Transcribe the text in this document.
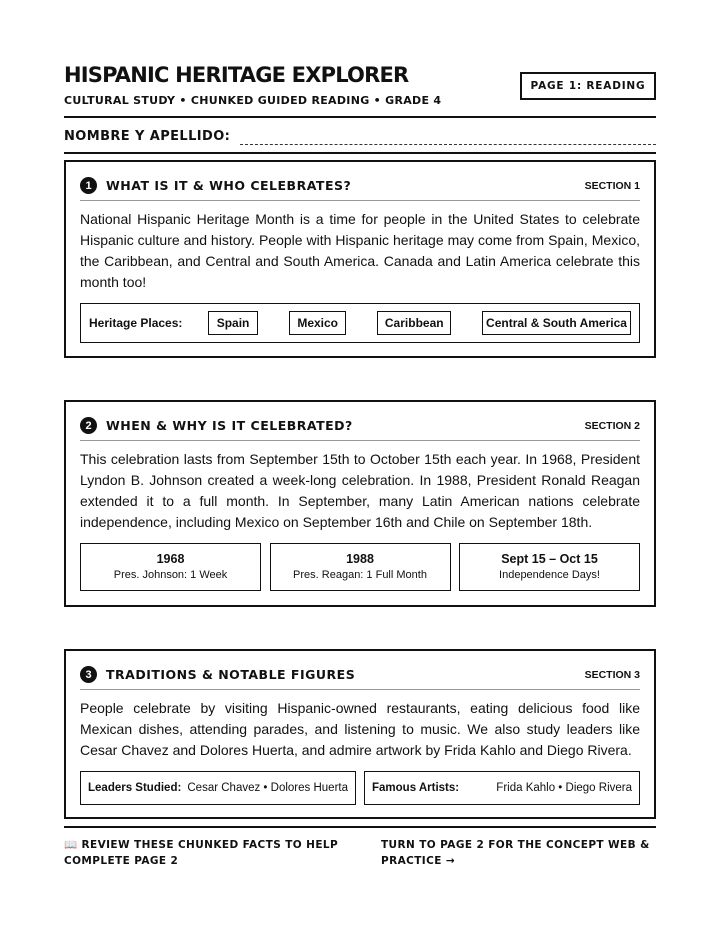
HISPANIC HERITAGE EXPLORER
CULTURAL STUDY • CHUNKED GUIDED READING • GRADE 4
PAGE 1: READING
NOMBRE Y APELLIDO:
1	WHAT IS IT & WHO CELEBRATES?	SECTION 1

National Hispanic Heritage Month is a time for people in the United States to celebrate Hispanic culture and history. People with Hispanic heritage may come from Spain, Mexico, the Caribbean, and Central and South America. Canada and Latin America celebrate this month too!

Heritage Places:	Spain	Mexico	Caribbean	Central & South America
2	WHEN & WHY IS IT CELEBRATED?	SECTION 2

This celebration lasts from September 15th to October 15th each year. In 1968, President Lyndon B. Johnson created a week-long celebration. In 1988, President Ronald Reagan extended it to a full month. In September, many Latin American nations celebrate independence, including Mexico on September 16th and Chile on September 18th.

1968
Pres. Johnson: 1 Week
1988
Pres. Reagan: 1 Full Month
Sept 15 – Oct 15
Independence Days!
3	TRADITIONS & NOTABLE FIGURES	SECTION 3

People celebrate by visiting Hispanic-owned restaurants, eating delicious food like Mexican dishes, attending parades, and listening to music. We also study leaders like Cesar Chavez and Dolores Huerta, and admire artwork by Frida Kahlo and Diego Rivera.

Leaders Studied: Cesar Chavez • Dolores Huerta Famous Artists:	Frida Kahlo • Diego Rivera
📖 REVIEW THESE CHUNKED FACTS TO HELP COMPLETE PAGE 2
TURN TO PAGE 2 FOR THE CONCEPT WEB & PRACTICE →
